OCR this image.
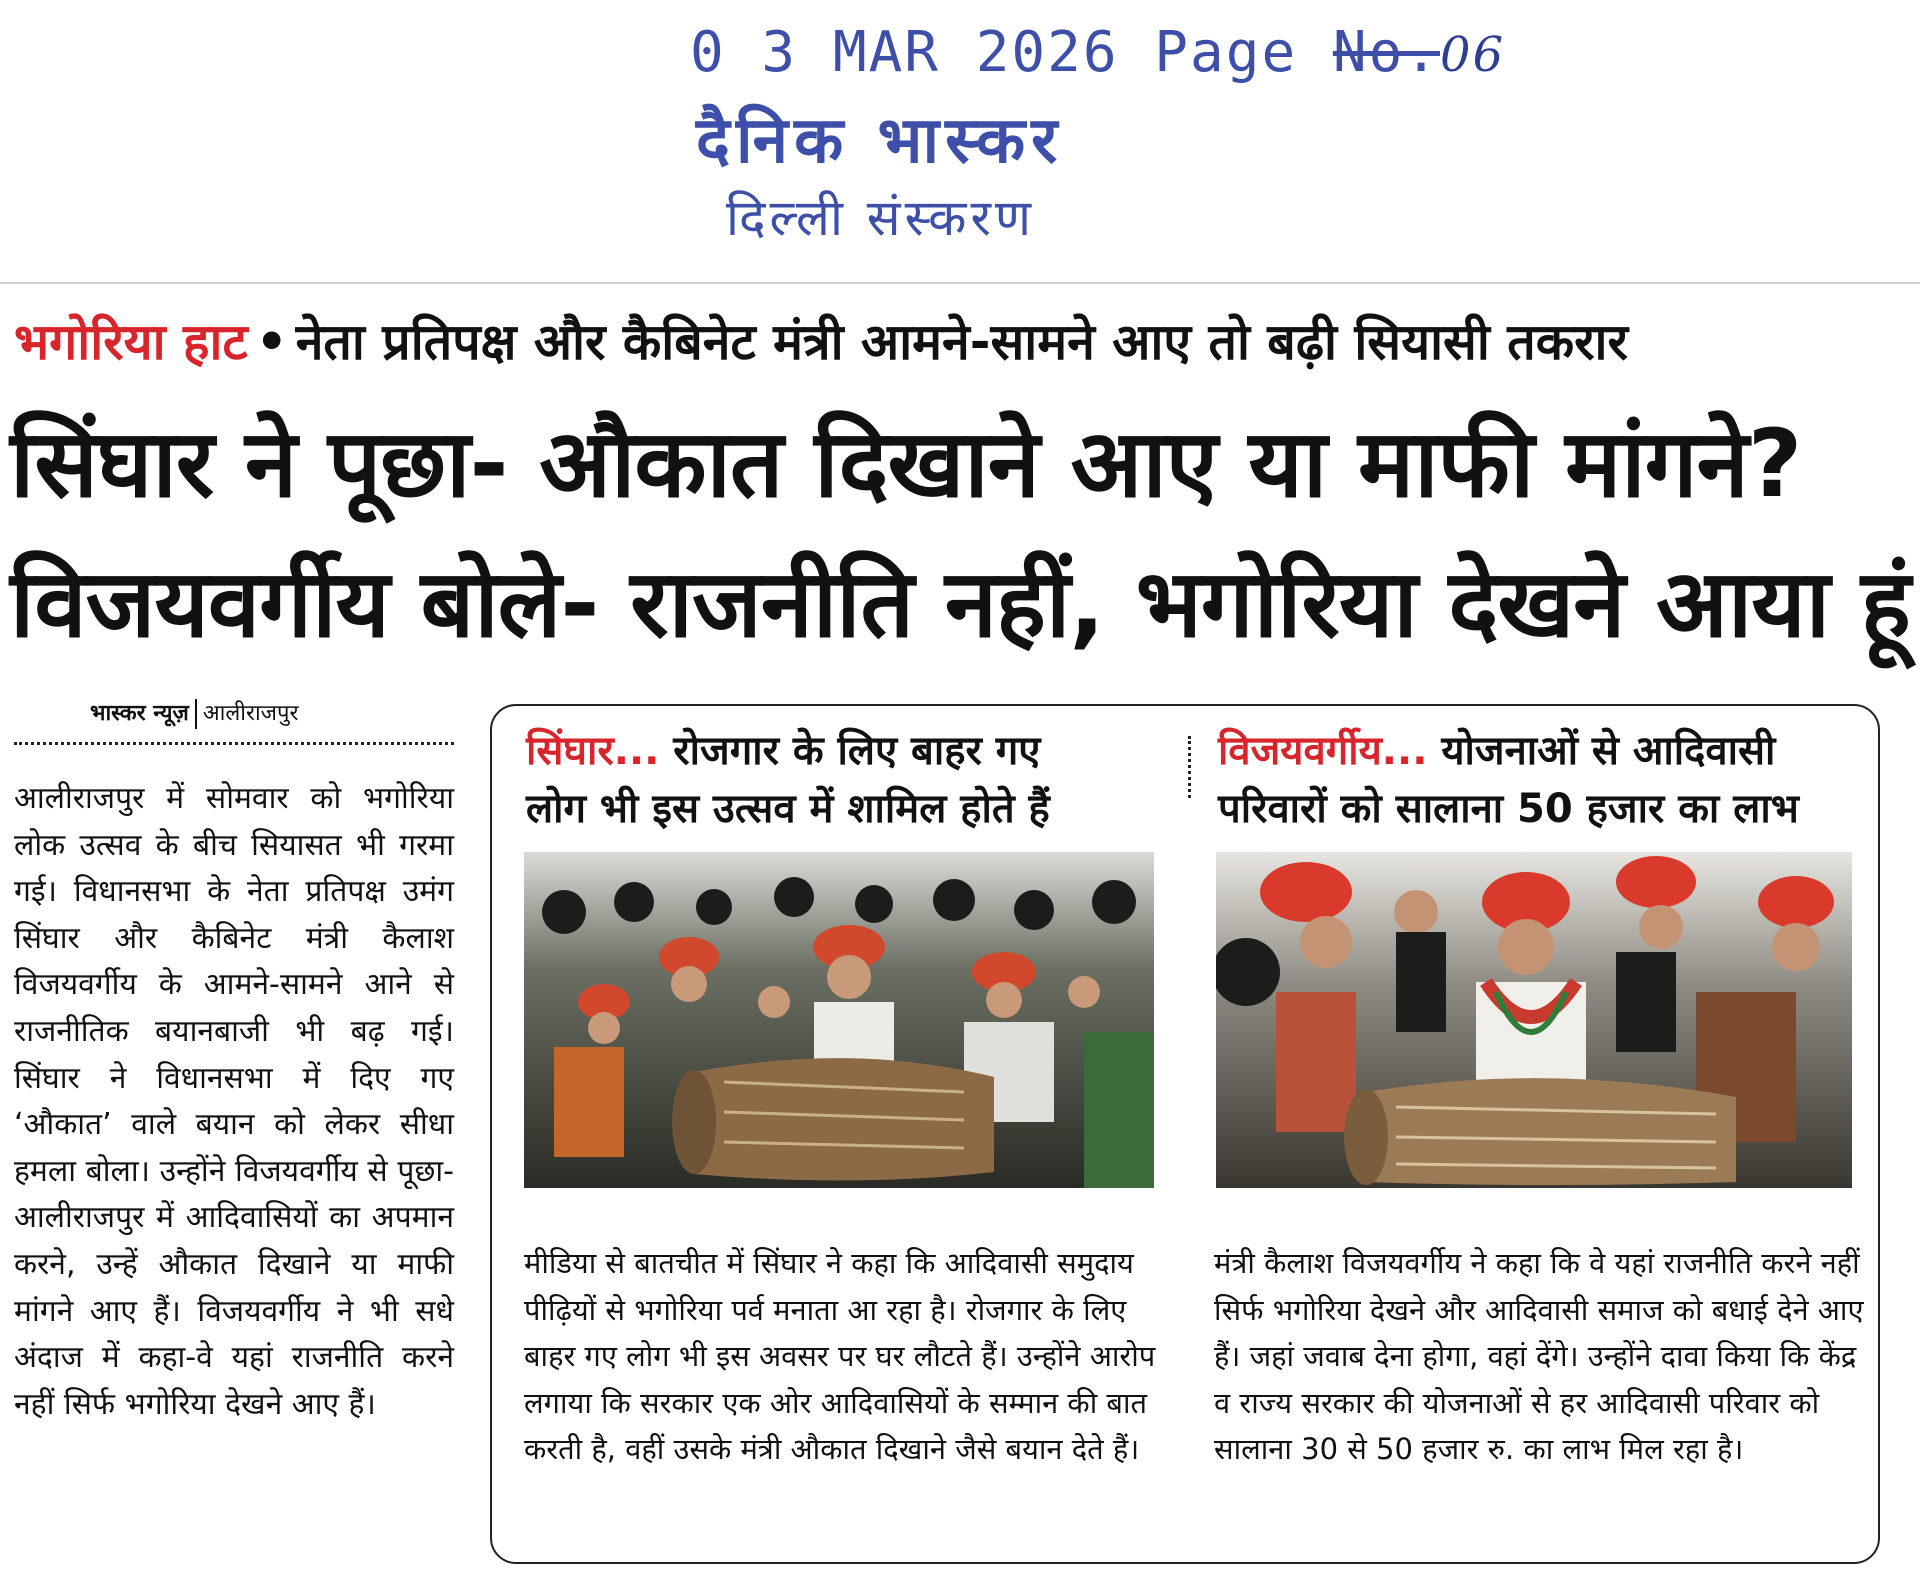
0 3 MAR 2026 Page No.06
दैनिक भास्कर
दिल्ली संस्करण
भगोरिया हाट • नेता प्रतिपक्ष और कैबिनेट मंत्री आमने-सामने आए तो बढ़ी सियासी तकरार
सिंघार ने पूछा- औकात दिखाने आए या माफी मांगने?
विजयवर्गीय बोले- राजनीति नहीं, भगोरिया देखने आया हूं
भास्कर न्यूज़ आलीराजपुर

आलीराजपुर में सोमवार को भगोरिया लोक उत्सव के बीच सियासत भी गरमा गई। विधानसभा के नेता प्रतिपक्ष उमंग सिंघार और कैबिनेट मंत्री कैलाश विजयवर्गीय के आमने-सामने आने से राजनीतिक बयानबाजी भी बढ़ गई। सिंघार ने विधानसभा में दिए गए ‘औकात’ वाले बयान को लेकर सीधा हमला बोला। उन्होंने विजयवर्गीय से पूछा- आलीराजपुर में आदिवासियों का अपमान करने, उन्हें औकात दिखाने या माफी मांगने आए हैं। विजयवर्गीय ने भी सधे अंदाज में कहा-वे यहां राजनीति करने नहीं सिर्फ भगोरिया देखने आए हैं।

सिंघार... रोजगार के लिए बाहर गए
लोग भी इस उत्सव में शामिल होते हैं
विजयवर्गीय... योजनाओं से आदिवासी
परिवारों को सालाना 50 हजार का लाभ

मीडिया से बातचीत में सिंघार ने कहा कि आदिवासी समुदाय पीढ़ियों से भगोरिया पर्व मनाता आ रहा है। रोजगार के लिए बाहर गए लोग भी इस अवसर पर घर लौटते हैं। उन्होंने आरोप लगाया कि सरकार एक ओर आदिवासियों के सम्मान की बात करती है, वहीं उसके मंत्री औकात दिखाने जैसे बयान देते हैं।

मंत्री कैलाश विजयवर्गीय ने कहा कि वे यहां राजनीति करने नहीं सिर्फ भगोरिया देखने और आदिवासी समाज को बधाई देने आए हैं। जहां जवाब देना होगा, वहां देंगे। उन्होंने दावा किया कि केंद्र व राज्य सरकार की योजनाओं से हर आदिवासी परिवार को सालाना 30 से 50 हजार रु. का लाभ मिल रहा है।
